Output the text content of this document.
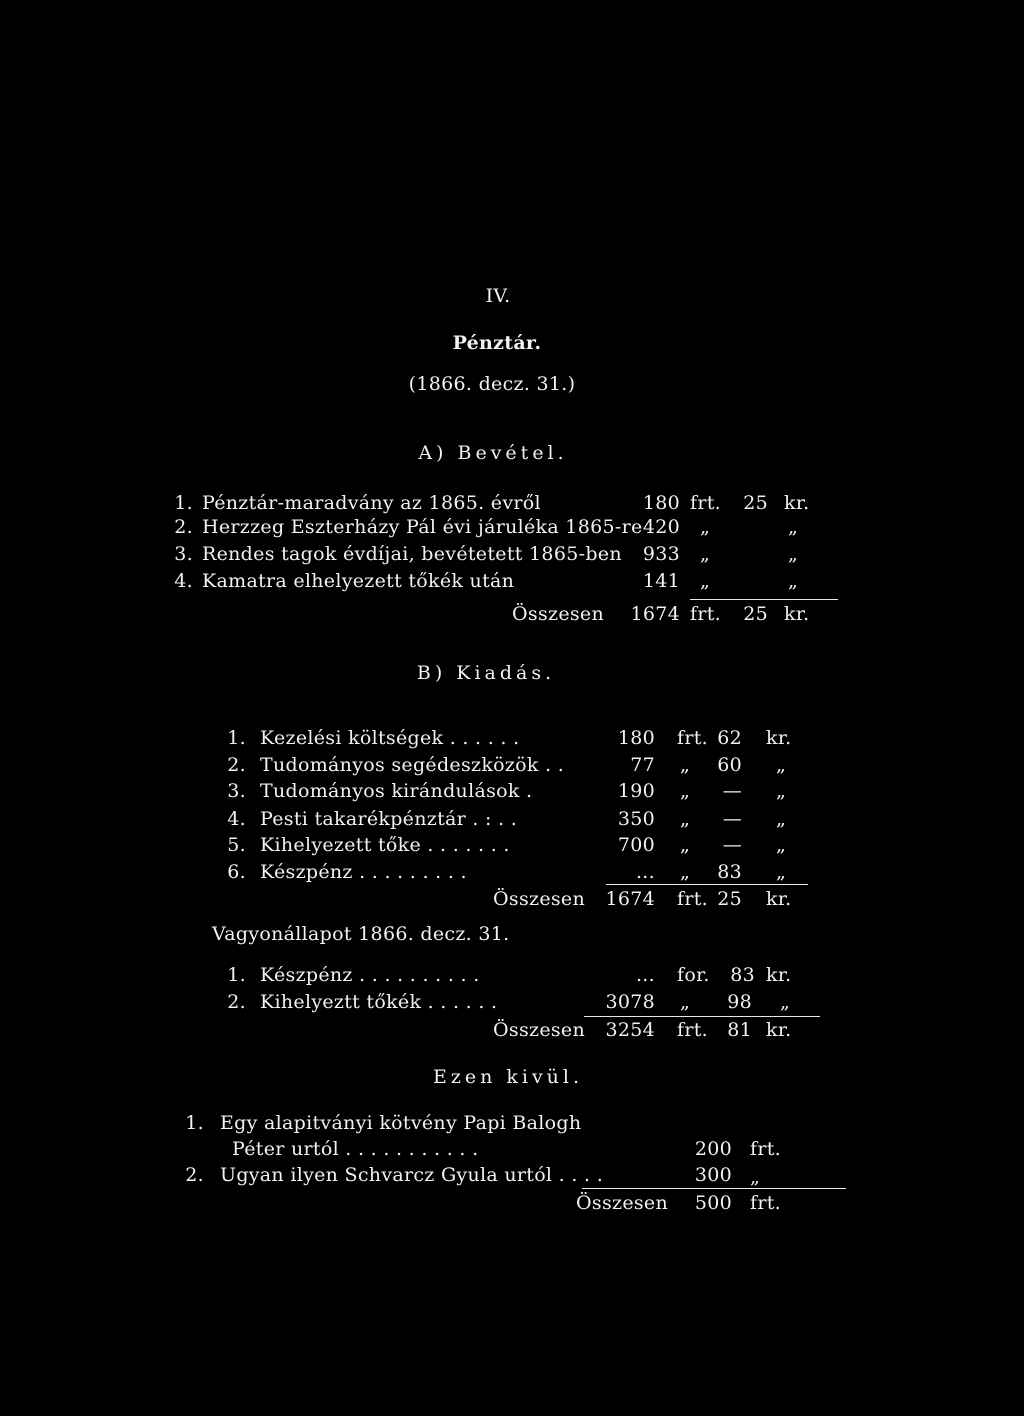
IV.
Pénztár.
(1866. decz. 31.)
A) Bevétel.
1. Pénztár-maradvány az 1865. évről	180 frt. 25 kr.
2. Herzzeg Eszterházy Pál évi járuléka 1865-re 420 „	„
3. Rendes tagok évdíjai, bevétetett 1865-ben 933 „	„
4. Kamatra elhelyezett tőkék után	141 „	„
Összesen 1674 frt. 25 kr.
B) Kiadás.
1. Kezelési költségek . . . . . .	180 frt. 62 kr.
2. Tudományos segédeszközök . .	77 „ 60 „
3. Tudományos kirándulások .	190 „ — „
4. Pesti takarékpénztár . : . .	350 „ — „
5. Kihelyezett tőke . . . . . . .	700 „ — „
6. Készpénz . . . . . . . . .	... „ 83 „
Összesen 1674 frt. 25 kr.
Vagyonállapot 1866. decz. 31.
1. Készpénz . . . . . . . . . .	... for. 83 kr.
2. Kihelyeztt tőkék . . . . . .	3078 „ 98 „
Összesen 3254 frt. 81 kr.
Ezen kivül.
1. Egy alapitványi kötvény Papi Balogh
Péter urtól . . . . . . . . . . .	200 frt.
2. Ugyan ilyen Schvarcz Gyula urtól . . . .	300 „
Összesen 500 frt.
